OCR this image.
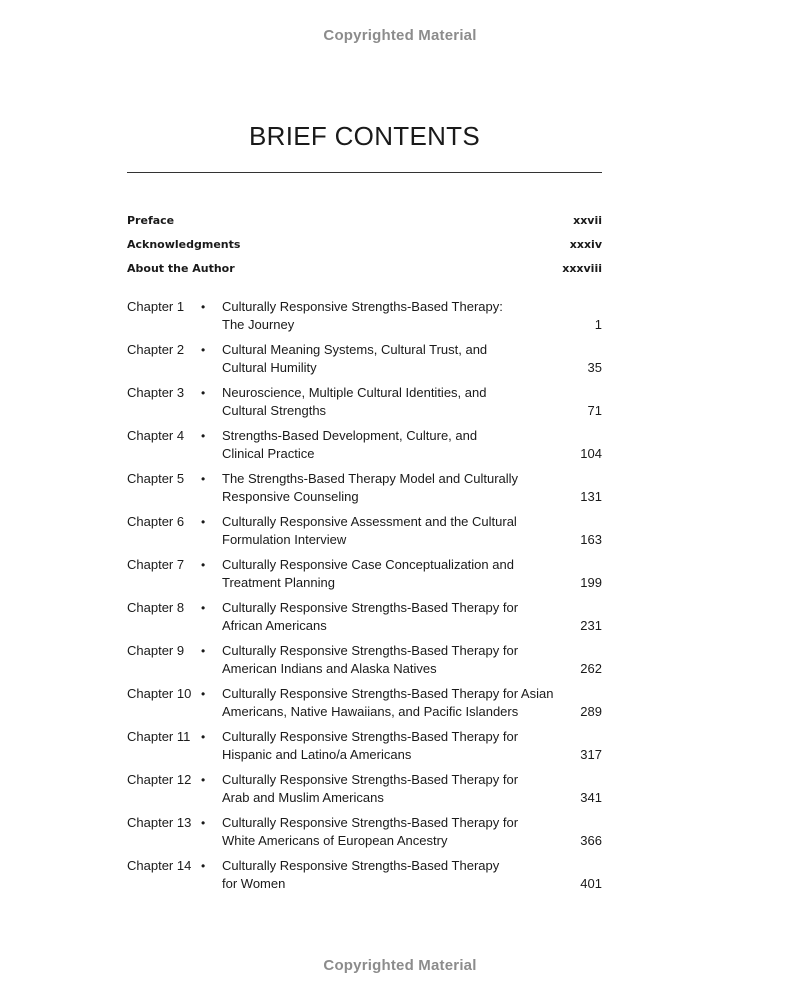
Copyrighted Material
BRIEF CONTENTS
Preface	xxvii
Acknowledgments	xxxiv
About the Author	xxxviii
Chapter 1 • Culturally Responsive Strengths-Based Therapy:
The Journey	1
Chapter 2 • Cultural Meaning Systems, Cultural Trust, and
Cultural Humility	35
Chapter 3 • Neuroscience, Multiple Cultural Identities, and
Cultural Strengths	71
Chapter 4 • Strengths-Based Development, Culture, and
Clinical Practice	104
Chapter 5 • The Strengths-Based Therapy Model and Culturally
Responsive Counseling	131
Chapter 6 • Culturally Responsive Assessment and the Cultural
Formulation Interview	163
Chapter 7 • Culturally Responsive Case Conceptualization and
Treatment Planning	199
Chapter 8 • Culturally Responsive Strengths-Based Therapy for
African Americans	231
Chapter 9 • Culturally Responsive Strengths-Based Therapy for
American Indians and Alaska Natives	262
Chapter 10 • Culturally Responsive Strengths-Based Therapy for Asian
Americans, Native Hawaiians, and Pacific Islanders	289
Chapter 11 • Culturally Responsive Strengths-Based Therapy for
Hispanic and Latino/a Americans	317
Chapter 12 • Culturally Responsive Strengths-Based Therapy for
Arab and Muslim Americans	341
Chapter 13 • Culturally Responsive Strengths-Based Therapy for
White Americans of European Ancestry	366
Chapter 14 • Culturally Responsive Strengths-Based Therapy
for Women	401
Copyrighted Material
